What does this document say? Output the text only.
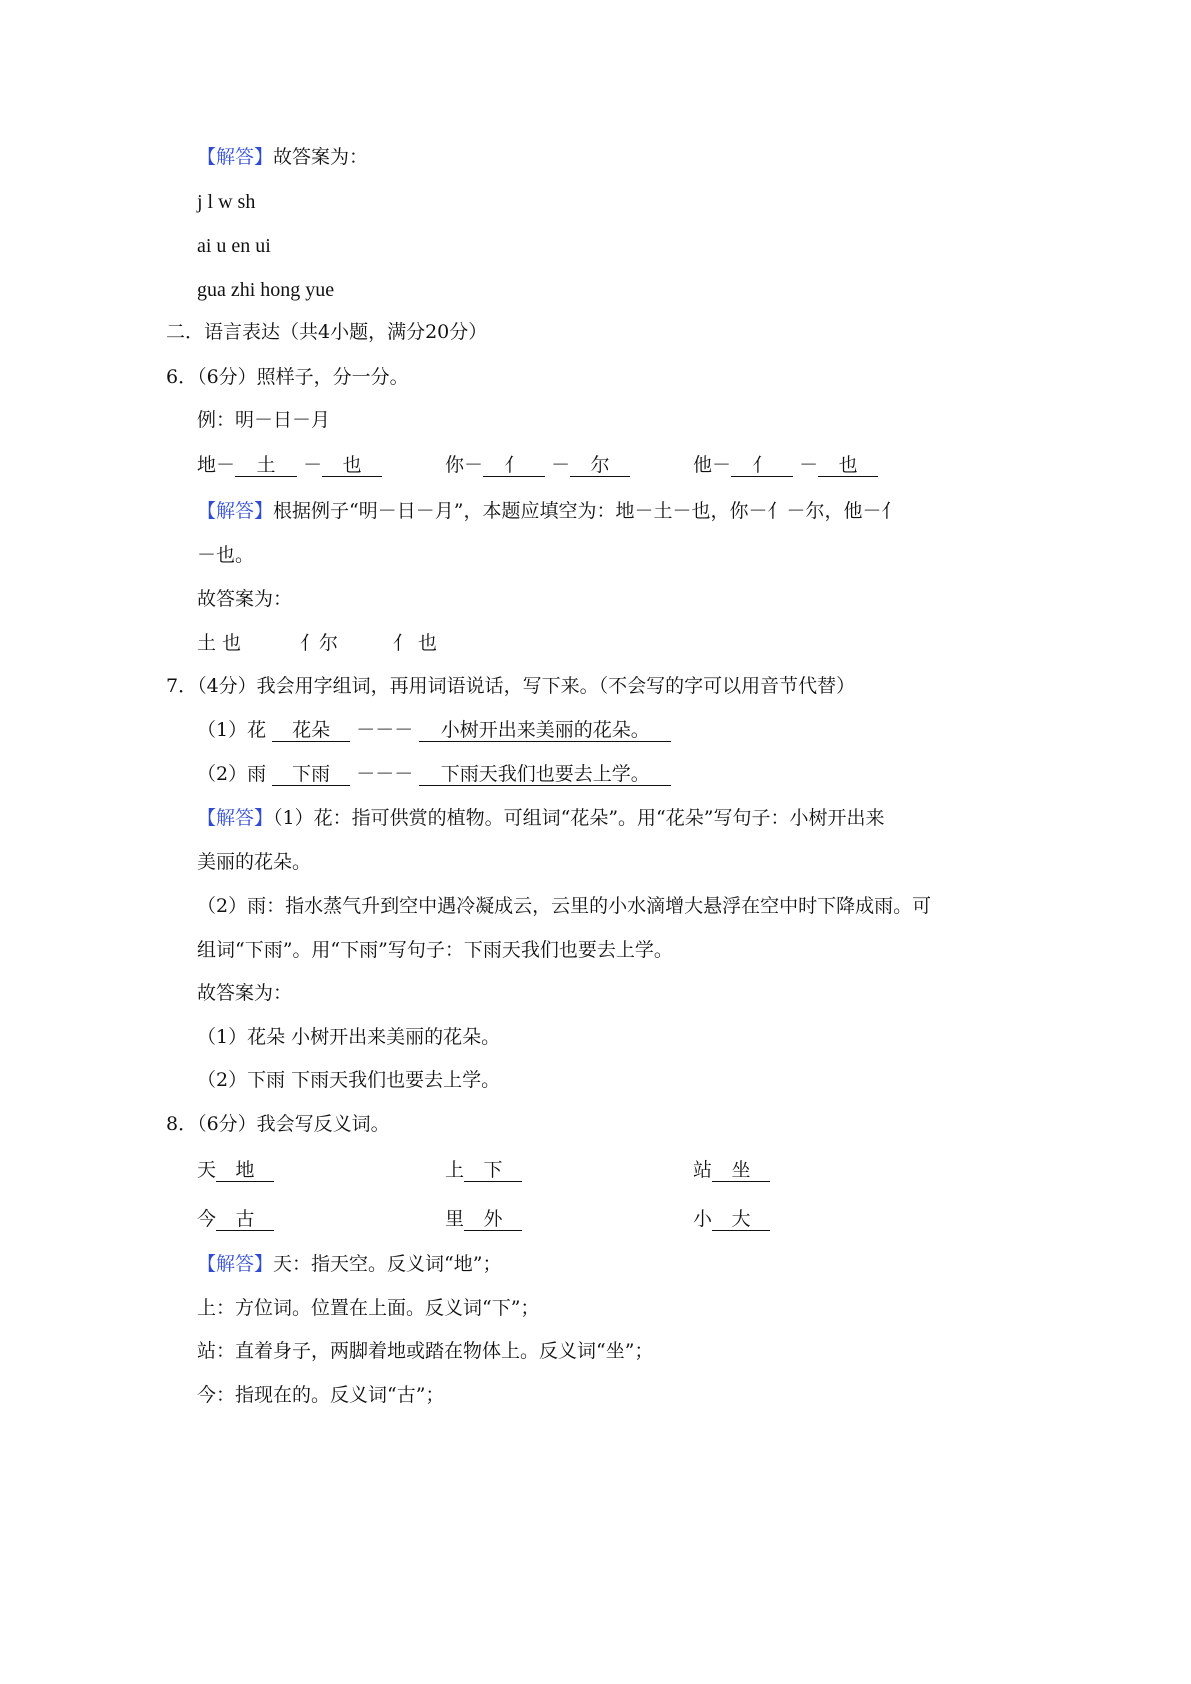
【解答】故答案为：
j l w sh
ai u en ui
gua zhi hong yue
二．语言表达（共4小题，满分20分）
6．（6分）照样子，分一分。
例：明－日－月
地－ 土 － 也	你－ 亻 － 尔	他－ 亻 － 也
【解答】根据例子“明－日－月”，本题应填空为：地－土－也，你－亻－尔，他－亻
－也。
故答案为：
土 也	亻尔	亻 也
7．（4分）我会用字组词，再用词语说话，写下来。（不会写的字可以用音节代替）
（1）花 花朵 －－－ 小树开出来美丽的花朵。
（2）雨 下雨 －－－ 下雨天我们也要去上学。
【解答】（1）花：指可供赏的植物。可组词“花朵”。用“花朵”写句子：小树开出来
美丽的花朵。
（2）雨：指水蒸气升到空中遇冷凝成云，云里的小水滴增大悬浮在空中时下降成雨。可
组词“下雨”。用“下雨”写句子：下雨天我们也要去上学。
故答案为：
（1）花朵 小树开出来美丽的花朵。
（2）下雨 下雨天我们也要去上学。
8．（6分）我会写反义词。
天 地	上 下	站 坐
今 古	里 外	小 大
【解答】天：指天空。反义词“地”；
上：方位词。位置在上面。反义词“下”；
站：直着身子，两脚着地或踏在物体上。反义词“坐”；
今：指现在的。反义词“古”；
